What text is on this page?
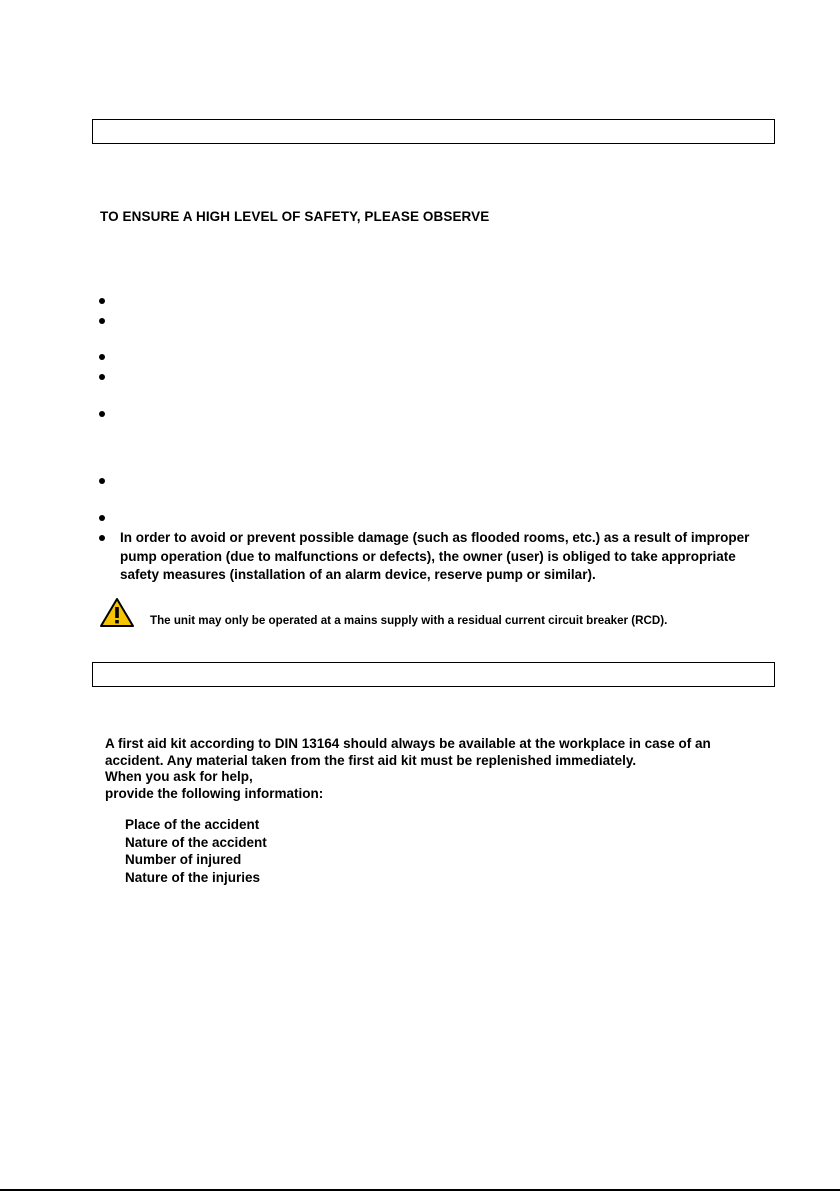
TO ENSURE A HIGH LEVEL OF SAFETY, PLEASE OBSERVE
In order to avoid or prevent possible damage (such as flooded rooms, etc.) as a result of improper pump operation (due to malfunctions or defects), the owner (user) is obliged to take appropriate safety measures (installation of an alarm device, reserve pump or similar).
The unit may only be operated at a mains supply with a residual current circuit breaker (RCD).

A first aid kit according to DIN 13164 should always be available at the workplace in case of an accident. Any material taken from the first aid kit must be replenished immediately.

When you ask for help,

provide the following information:

Place of the accident
Nature of the accident
Number of injured
Nature of the injuries
